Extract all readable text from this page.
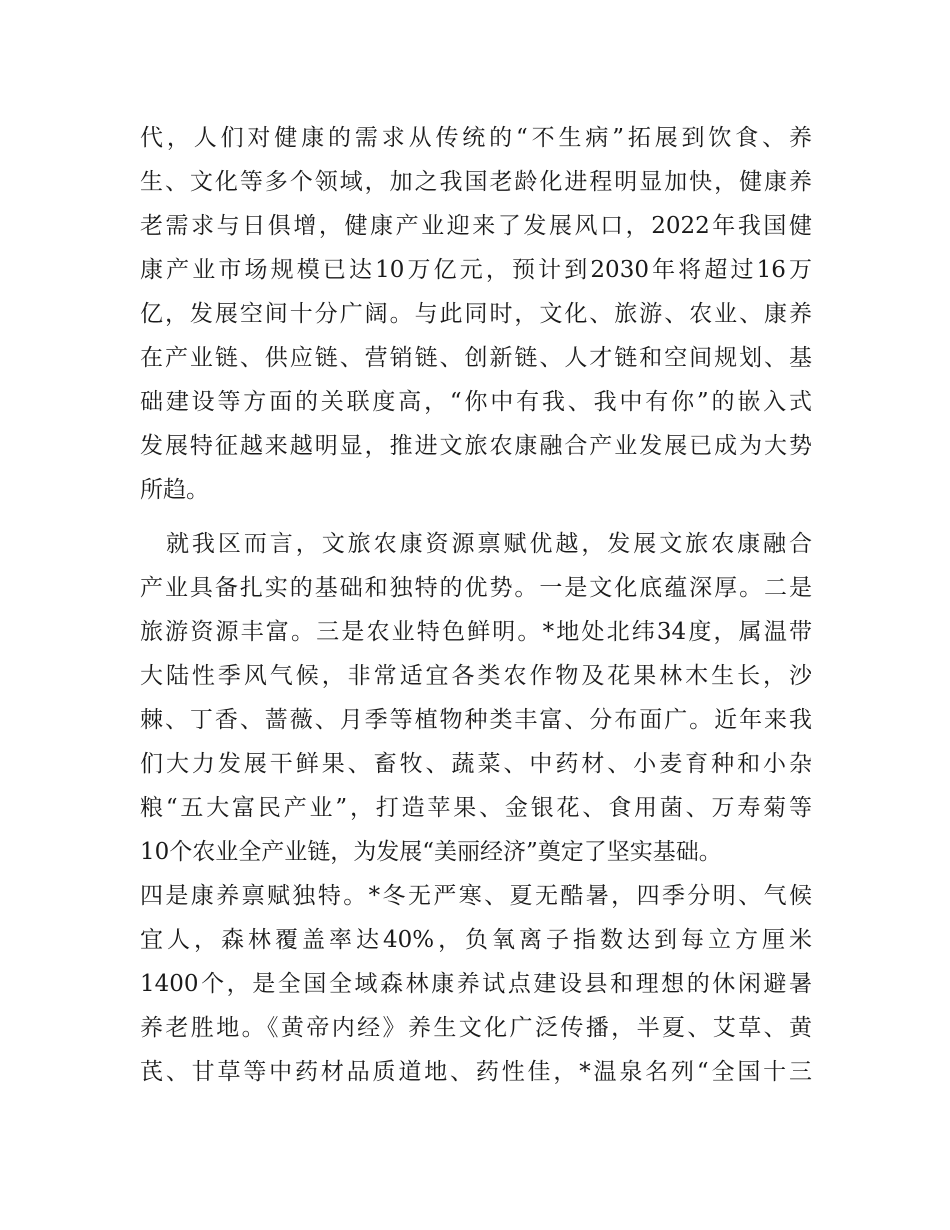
代，人们对健康的需求从传统的“不生病”拓展到饮食、养
生、文化等多个领域，加之我国老龄化进程明显加快，健康养
老需求与日俱增，健康产业迎来了发展风口，2022年我国健
康产业市场规模已达10万亿元，预计到2030年将超过16万
亿，发展空间十分广阔。与此同时，文化、旅游、农业、康养
在产业链、供应链、营销链、创新链、人才链和空间规划、基
础建设等方面的关联度高，“你中有我、我中有你”的嵌入式
发展特征越来越明显，推进文旅农康融合产业发展已成为大势
所趋。
　就我区而言，文旅农康资源禀赋优越，发展文旅农康融合
产业具备扎实的基础和独特的优势。一是文化底蕴深厚。二是
旅游资源丰富。三是农业特色鲜明。*地处北纬34度，属温带
大陆性季风气候，非常适宜各类农作物及花果林木生长，沙
棘、丁香、蔷薇、月季等植物种类丰富、分布面广。近年来我
们大力发展干鲜果、畜牧、蔬菜、中药材、小麦育种和小杂
粮“五大富民产业”，打造苹果、金银花、食用菌、万寿菊等
10个农业全产业链，为发展“美丽经济”奠定了坚实基础。
四是康养禀赋独特。*冬无严寒、夏无酷暑，四季分明、气候
宜人，森林覆盖率达40%，负氧离子指数达到每立方厘米
1400个，是全国全域森林康养试点建设县和理想的休闲避暑
养老胜地。《黄帝内经》养生文化广泛传播，半夏、艾草、黄
芪、甘草等中药材品质道地、药性佳，*温泉名列“全国十三
